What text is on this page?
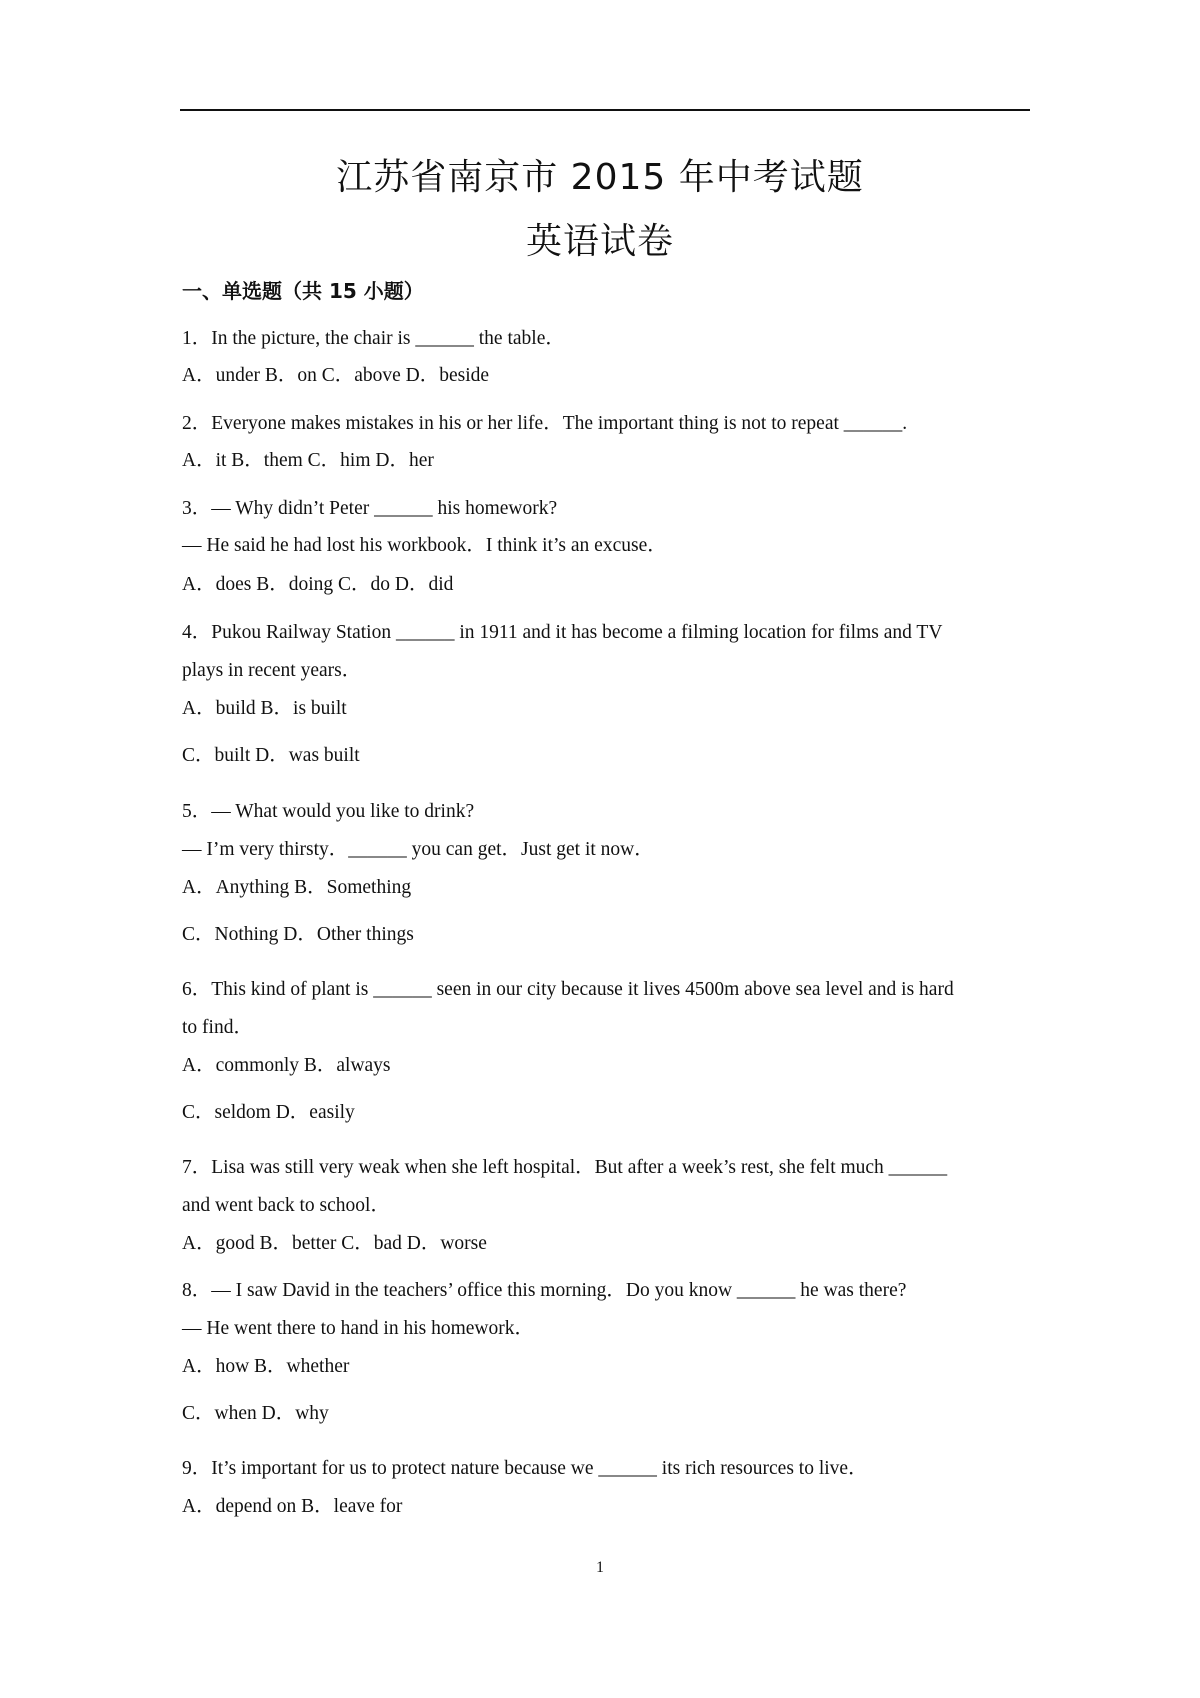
江苏省南京市 2015 年中考试题
英语试卷
一、单选题（共 15 小题）
1．In the picture, the chair is ______ the table．
A．under B．on C．above D．beside
2．Everyone makes mistakes in his or her life．The important thing is not to repeat ______.
A．it B．them C．him D．her
3．— Why didn’t Peter ______ his homework?
— He said he had lost his workbook．I think it’s an excuse．
A．does B．doing C．do D．did
4．Pukou Railway Station ______ in 1911 and it has become a filming location for films and TV
plays in recent years．
A．build B．is built
C．built D．was built
5．— What would you like to drink?
— I’m very thirsty．______ you can get．Just get it now．
A．Anything B．Something
C．Nothing D．Other things
6．This kind of plant is ______ seen in our city because it lives 4500m above sea level and is hard
to find．
A．commonly B．always
C．seldom D．easily
7．Lisa was still very weak when she left hospital．But after a week’s rest, she felt much ______
and went back to school．
A．good B．better C．bad D．worse
8．— I saw David in the teachers’ office this morning．Do you know ______ he was there?
— He went there to hand in his homework．
A．how B．whether
C．when D．why
9．It’s important for us to protect nature because we ______ its rich resources to live．
A．depend on B．leave for
1
